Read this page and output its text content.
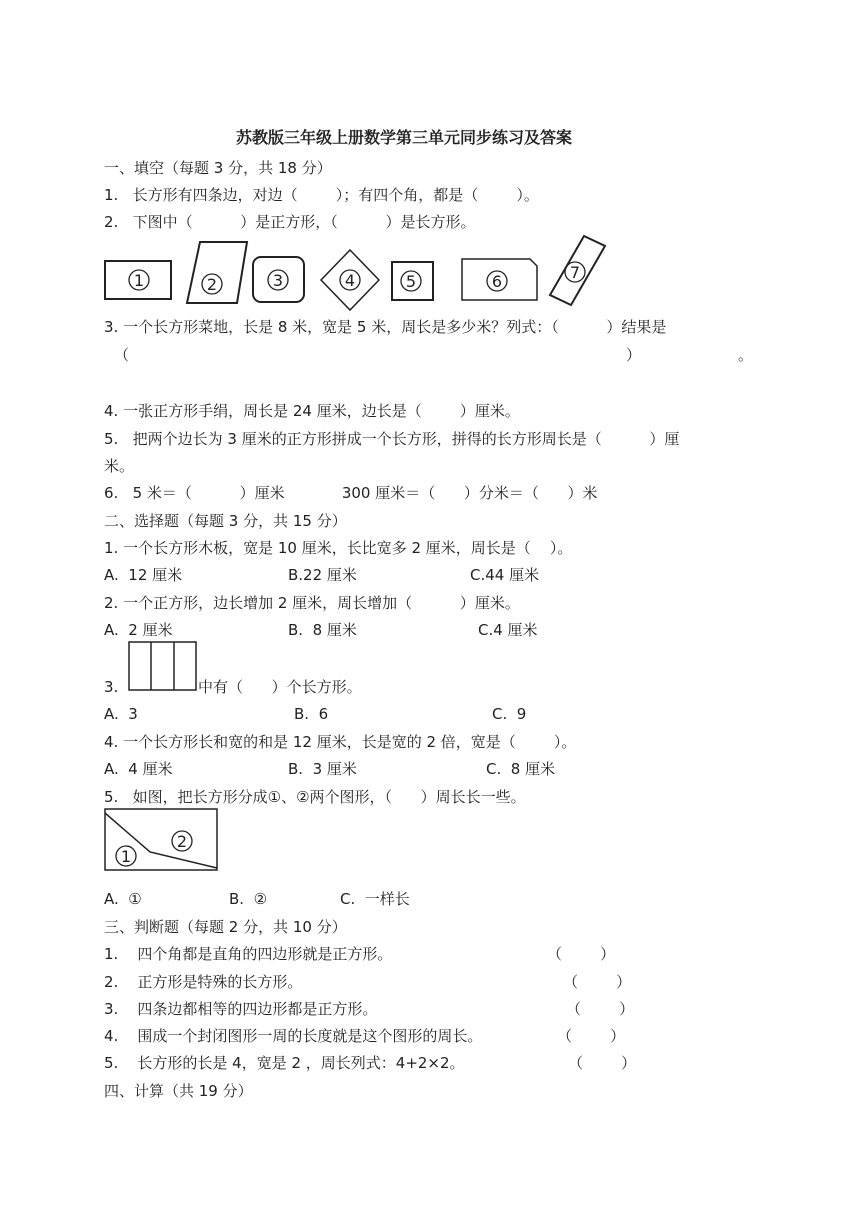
苏教版三年级上册数学第三单元同步练习及答案
一、填空（每题 3 分，共 18 分）
1.   长方形有四条边，对边（        ）；有四个角，都是（        ）。
2.   下图中（          ）是正方形，（          ）是长方形。
1	2	3	4	5	6	7
3. 一个长方形菜地，长是 8 米，宽是 5 米，周长是多少米？列式：（          ）结果是
（	）	。
4. 一张正方形手绢，周长是 24 厘米，边长是（        ）厘米。
5.   把两个边长为 3 厘米的正方形拼成一个长方形，拼得的长方形周长是（          ）厘
米。
6.   5 米＝（          ）厘米            300 厘米＝（      ）分米＝（      ）米
二、选择题（每题 3 分，共 15 分）
1. 一个长方形木板，宽是 10 厘米，长比宽多 2 厘米，周长是（    ）。
A.  12 厘米	B.22 厘米	C.44 厘米
2. 一个正方形，边长增加 2 厘米，周长增加（          ）厘米。
A.  2 厘米	B.  8 厘米	C.4 厘米
3.	中有（      ）个长方形。
A.  3	B.  6	C.  9
4. 一个长方形长和宽的和是 12 厘米，长是宽的 2 倍，宽是（        ）。
A.  4 厘米	B.  3 厘米	C.  8 厘米
5.   如图，把长方形分成①、②两个图形，（      ）周长长一些。
1
2
A.  ①	B.  ②	C.  一样长
三、判断题（每题 2 分，共 10 分）
1.    四个角都是直角的四边形就是正方形。	（        ）
2.    正方形是特殊的长方形。	（        ）
3.    四条边都相等的四边形都是正方形。	（        ）
4.    围成一个封闭图形一周的长度就是这个图形的周长。	（        ）
5.    长方形的长是 4，宽是 2 ，周长列式：4+2×2。	（        ）
四、计算（共 19 分）
